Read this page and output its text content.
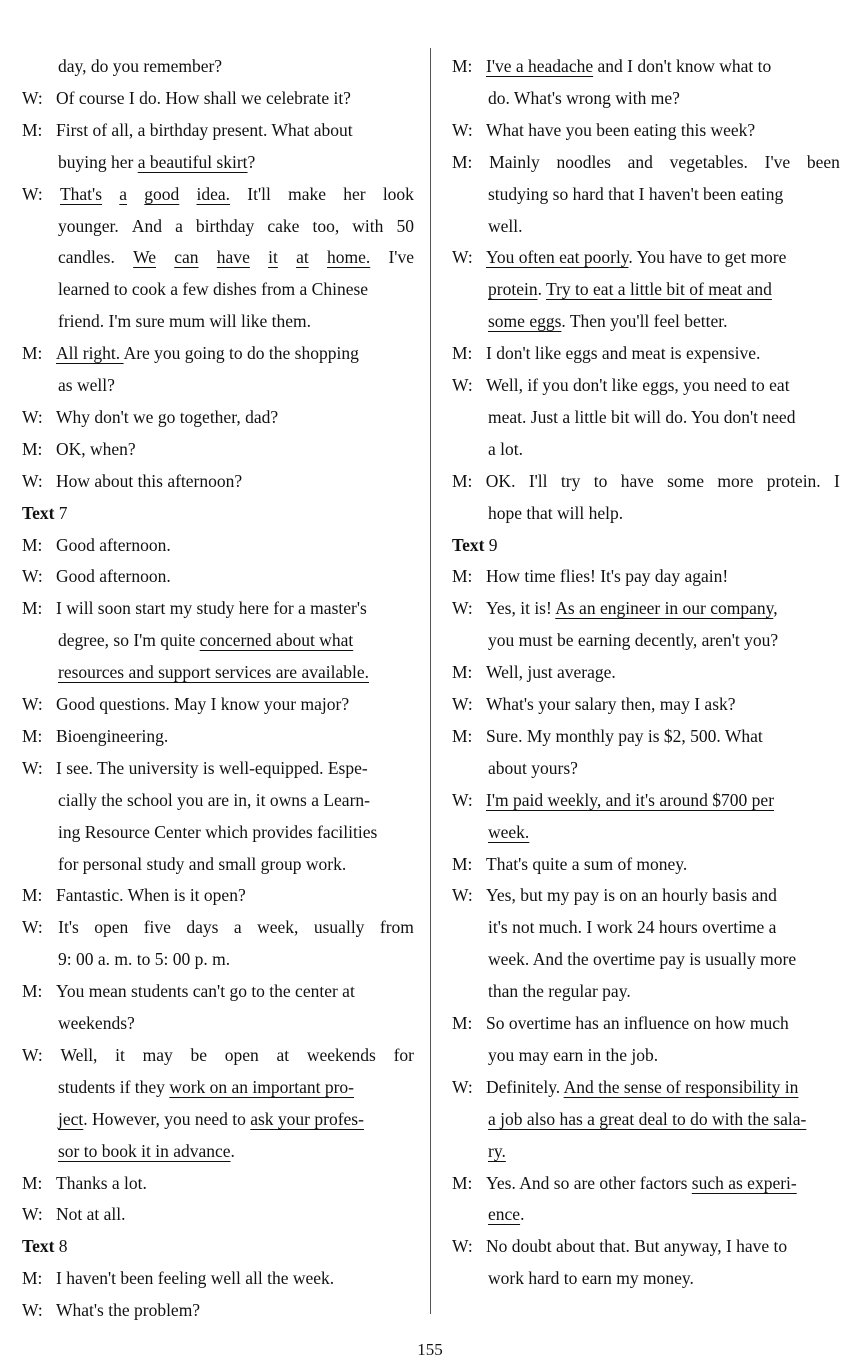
day, do you remember?
W: Of course I do. How shall we celebrate it?
M: First of all, a birthday present. What about
buying her a beautiful skirt?
W: That's a good idea. It'll make her look
younger. And a birthday cake too, with 50
candles. We can have it at home. I've
learned to cook a few dishes from a Chinese
friend. I'm sure mum will like them.
M: All right. Are you going to do the shopping
as well?
W: Why don't we go together, dad?
M: OK, when?
W: How about this afternoon?
Text 7
M: Good afternoon.
W: Good afternoon.
M: I will soon start my study here for a master's
degree, so I'm quite concerned about what
resources and support services are available.
W: Good questions. May I know your major?
M: Bioengineering.
W: I see. The university is well-equipped. Espe-
cially the school you are in, it owns a Learn-
ing Resource Center which provides facilities
for personal study and small group work.
M: Fantastic. When is it open?
W: It's open five days a week, usually from
9: 00 a. m. to 5: 00 p. m.
M: You mean students can't go to the center at
weekends?
W: Well, it may be open at weekends for
students if they work on an important pro-
ject. However, you need to ask your profes-
sor to book it in advance.
M: Thanks a lot.
W: Not at all.
Text 8
M: I haven't been feeling well all the week.
W: What's the problem?
M: I've a headache and I don't know what to
do. What's wrong with me?
W: What have you been eating this week?
M: Mainly noodles and vegetables. I've been
studying so hard that I haven't been eating
well.
W: You often eat poorly. You have to get more
protein. Try to eat a little bit of meat and
some eggs. Then you'll feel better.
M: I don't like eggs and meat is expensive.
W: Well, if you don't like eggs, you need to eat
meat. Just a little bit will do. You don't need
a lot.
M: OK. I'll try to have some more protein. I
hope that will help.
Text 9
M: How time flies! It's pay day again!
W: Yes, it is! As an engineer in our company,
you must be earning decently, aren't you?
M: Well, just average.
W: What's your salary then, may I ask?
M: Sure. My monthly pay is $2, 500. What
about yours?
W: I'm paid weekly, and it's around $700 per
week.
M: That's quite a sum of money.
W: Yes, but my pay is on an hourly basis and
it's not much. I work 24 hours overtime a
week. And the overtime pay is usually more
than the regular pay.
M: So overtime has an influence on how much
you may earn in the job.
W: Definitely. And the sense of responsibility in
a job also has a great deal to do with the sala-
ry.
M: Yes. And so are other factors such as experi-
ence.
W: No doubt about that. But anyway, I have to
work hard to earn my money.
155
